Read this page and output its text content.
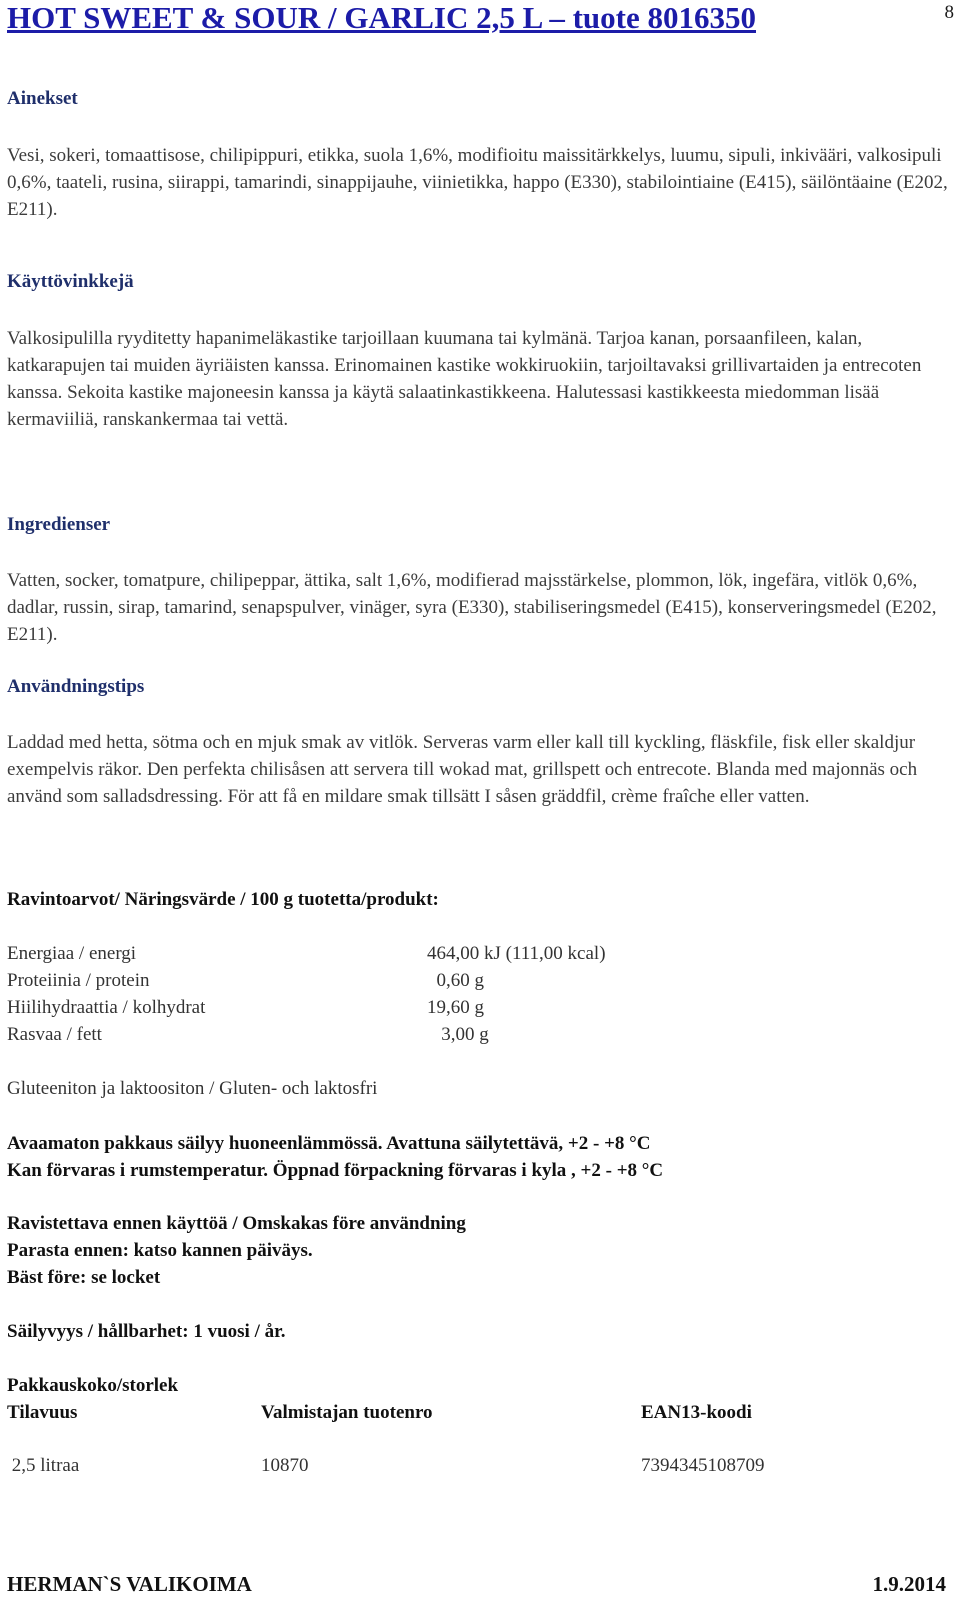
HOT SWEET & SOUR / GARLIC 2,5 L – tuote 8016350	8
Ainekset

Vesi, sokeri, tomaattisose, chilipippuri, etikka, suola 1,6%, modifioitu maissitärkkelys, luumu, sipuli, inkivääri, valkosipuli 0,6%, taateli, rusina, siirappi, tamarindi, sinappijauhe, viinietikka, happo (E330), stabilointiaine (E415), säilöntäaine (E202, E211).

Käyttövinkkejä

Valkosipulilla ryyditetty hapanimeläkastike tarjoillaan kuumana tai kylmänä. Tarjoa kanan, porsaanfileen, kalan, katkarapujen tai muiden äyriäisten kanssa. Erinomainen kastike wokkiruokiin, tarjoiltavaksi grillivartaiden ja entrecoten kanssa. Sekoita kastike majoneesin kanssa ja käytä salaatinkastikkeena. Halutessasi kastikkeesta miedomman lisää kermaviiliä, ranskankermaa tai vettä.

Ingredienser

Vatten, socker, tomatpure, chilipeppar, ättika, salt 1,6%, modifierad majsstärkelse, plommon, lök, ingefära, vitlök 0,6%, dadlar, russin, sirap, tamarind, senapspulver, vinäger, syra (E330), stabiliseringsmedel (E415), konserveringsmedel (E202, E211).

Användningstips

Laddad med hetta, sötma och en mjuk smak av vitlök. Serveras varm eller kall till kyckling, fläskfile, fisk eller skaldjur exempelvis räkor. Den perfekta chilisåsen att servera till wokad mat, grillspett och entrecote. Blanda med majonnäs och använd som salladsdressing. För att få en mildare smak tillsätt I såsen gräddfil, crème fraîche eller vatten.

Ravintoarvot/ Näringsvärde / 100 g tuotetta/produkt:
Energiaa / energi	464,00 kJ (111,00 kcal)
Proteiinia / protein	0,60 g
Hiilihydraattia / kolhydrat	19,60 g
Rasvaa / fett	3,00 g
Gluteeniton ja laktoositon / Gluten- och laktosfri
Avaamaton pakkaus säilyy huoneenlämmössä. Avattuna säilytettävä, +2 - +8 °C
Kan förvaras i rumstemperatur. Öppnad förpackning förvaras i kyla , +2 - +8 °C
Ravistettava ennen käyttöä / Omskakas före användning
Parasta ennen: katso kannen päiväys.
Bäst före: se locket
Säilyvyys / hållbarhet: 1 vuosi / år.
Pakkauskoko/storlek
Tilavuus	Valmistajan tuotenro	EAN13-koodi
2,5 litraa	10870	7394345108709
HERMAN`S VALIKOIMA	1.9.2014
